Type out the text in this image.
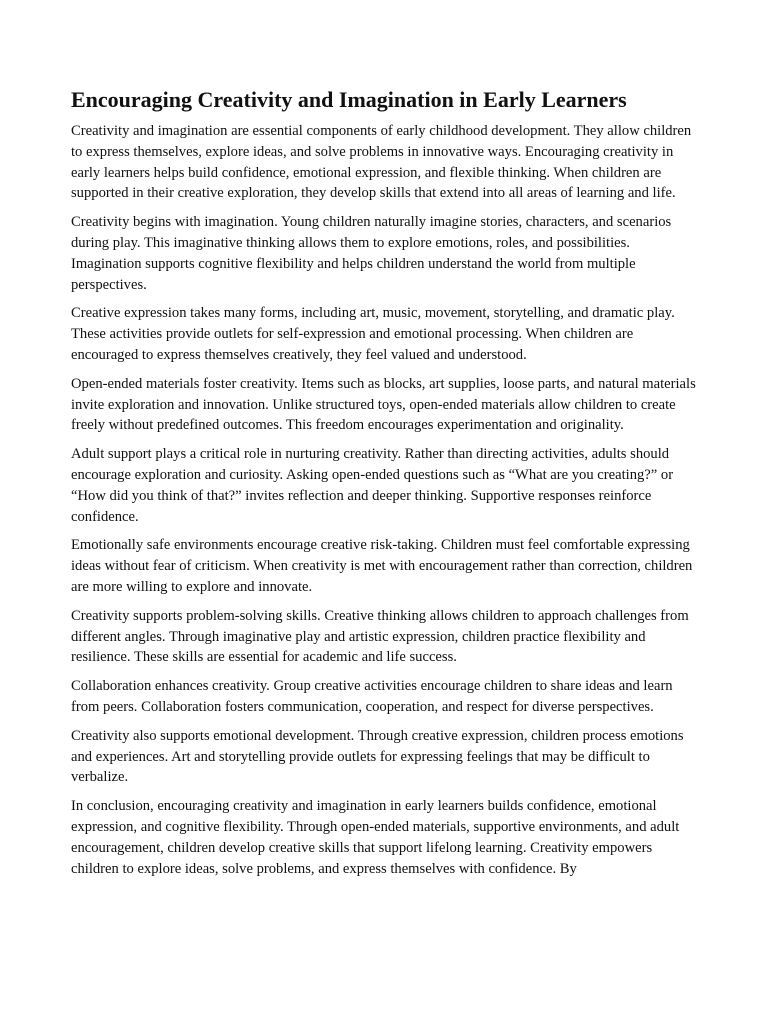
Encouraging Creativity and Imagination in Early Learners

Creativity and imagination are essential components of early childhood development. They allow children to express themselves, explore ideas, and solve problems in innovative ways. Encouraging creativity in early learners helps build confidence, emotional expression, and flexible thinking. When children are supported in their creative exploration, they develop skills that extend into all areas of learning and life.

Creativity begins with imagination. Young children naturally imagine stories, characters, and scenarios during play. This imaginative thinking allows them to explore emotions, roles, and possibilities. Imagination supports cognitive flexibility and helps children understand the world from multiple perspectives.

Creative expression takes many forms, including art, music, movement, storytelling, and dramatic play. These activities provide outlets for self-expression and emotional processing. When children are encouraged to express themselves creatively, they feel valued and understood.

Open-ended materials foster creativity. Items such as blocks, art supplies, loose parts, and natural materials invite exploration and innovation. Unlike structured toys, open-ended materials allow children to create freely without predefined outcomes. This freedom encourages experimentation and originality.

Adult support plays a critical role in nurturing creativity. Rather than directing activities, adults should encourage exploration and curiosity. Asking open-ended questions such as “What are you creating?” or “How did you think of that?” invites reflection and deeper thinking. Supportive responses reinforce confidence.

Emotionally safe environments encourage creative risk-taking. Children must feel comfortable expressing ideas without fear of criticism. When creativity is met with encouragement rather than correction, children are more willing to explore and innovate.

Creativity supports problem-solving skills. Creative thinking allows children to approach challenges from different angles. Through imaginative play and artistic expression, children practice flexibility and resilience. These skills are essential for academic and life success.

Collaboration enhances creativity. Group creative activities encourage children to share ideas and learn from peers. Collaboration fosters communication, cooperation, and respect for diverse perspectives.

Creativity also supports emotional development. Through creative expression, children process emotions and experiences. Art and storytelling provide outlets for expressing feelings that may be difficult to verbalize.

In conclusion, encouraging creativity and imagination in early learners builds confidence, emotional expression, and cognitive flexibility. Through open-ended materials, supportive environments, and adult encouragement, children develop creative skills that support lifelong learning. Creativity empowers children to explore ideas, solve problems, and express themselves with confidence. By
